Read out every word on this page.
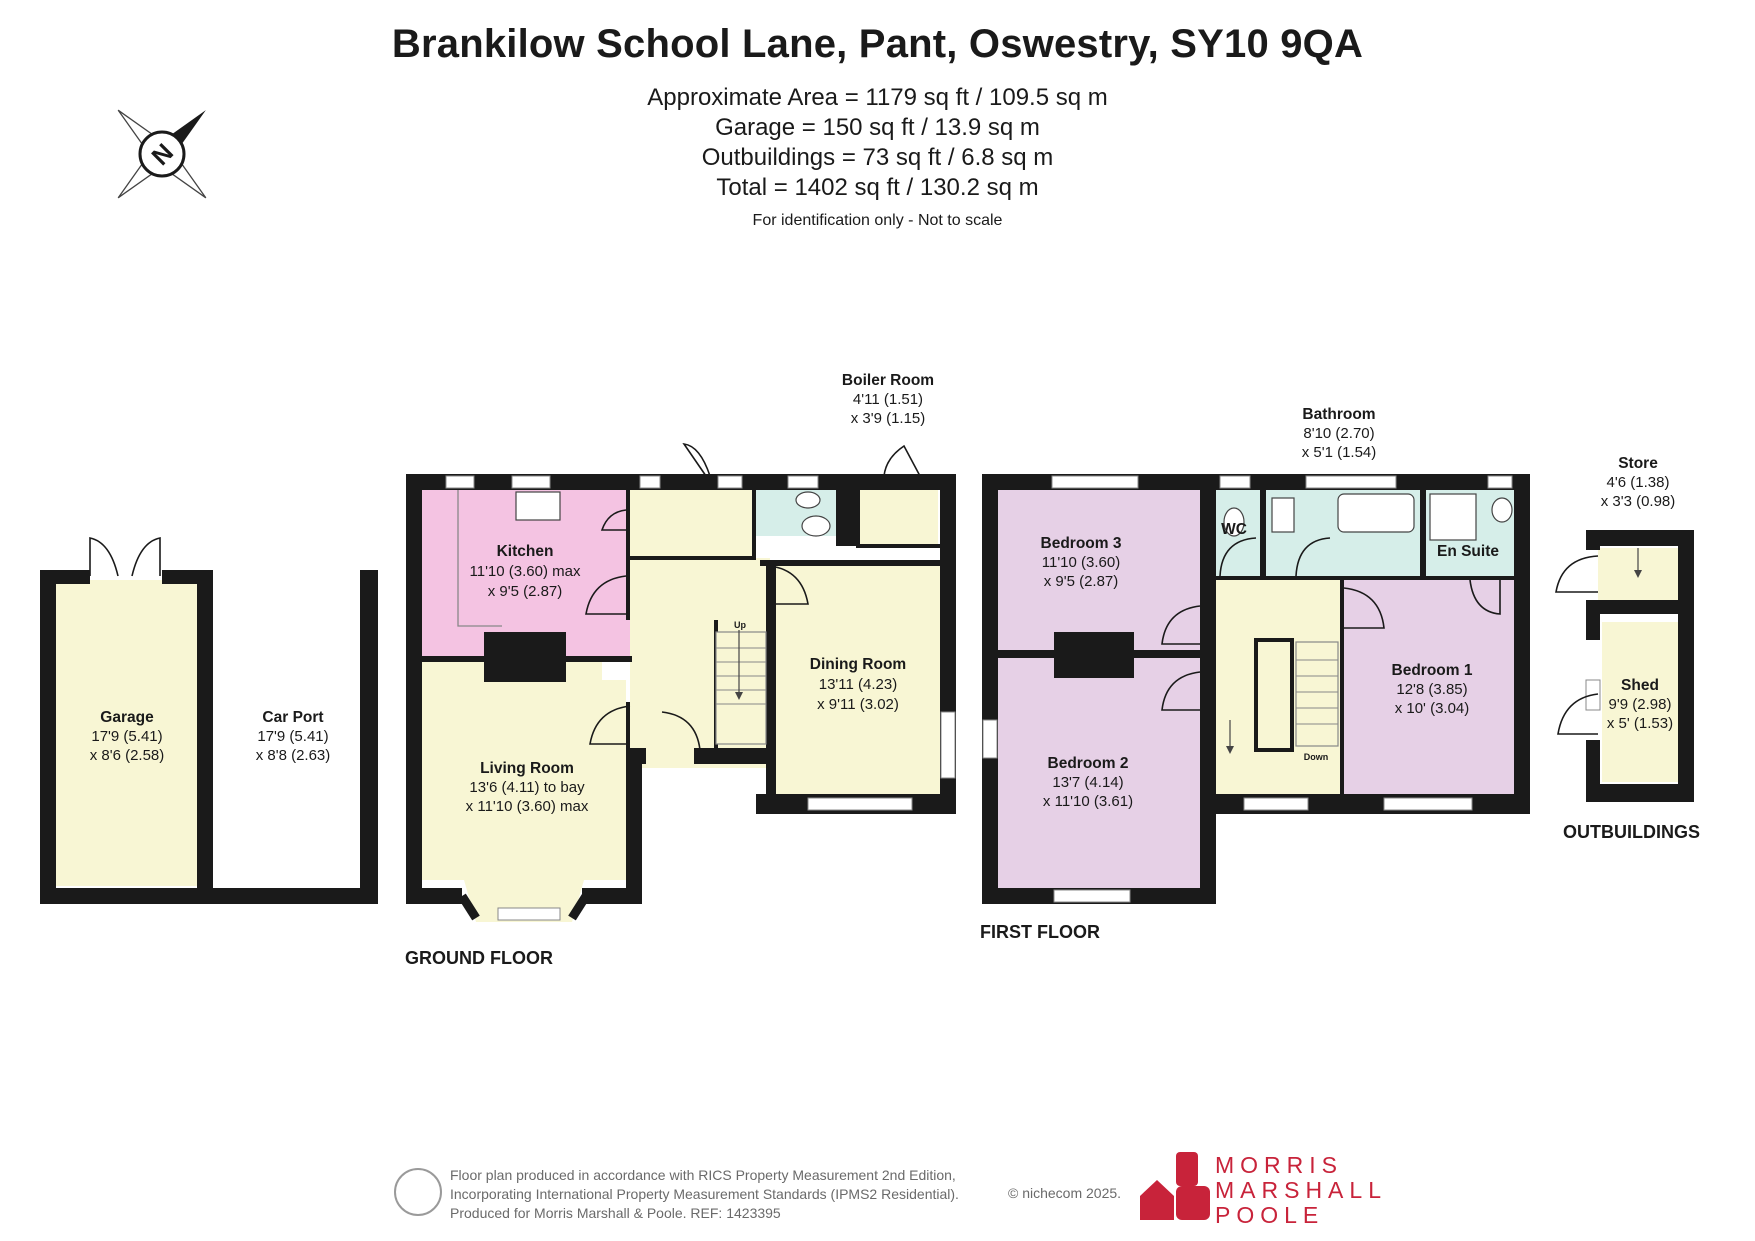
Brankilow School Lane, Pant, Oswestry, SY10 9QA
Approximate Area = 1179 sq ft / 109.5 sq m
Garage = 150 sq ft / 13.9 sq m
Outbuildings = 73 sq ft / 6.8 sq m
Total = 1402 sq ft / 130.2 sq m
For identification only - Not to scale
N
Up
Down
Garage
17'9 (5.41)
x 8'6 (2.58)
Car Port
17'9 (5.41)
x 8'8 (2.63)
Kitchen
11'10 (3.60) max
x 9'5 (2.87)
Living Room
13'6 (4.11) to bay
x 11'10 (3.60) max
Dining Room
13'11 (4.23)
x 9'11 (3.02)
Boiler Room
4'11 (1.51)
x 3'9 (1.15)
Bedroom 3
11'10 (3.60)
x 9'5 (2.87)
Bedroom 2
13'7 (4.14)
x 11'10 (3.61)
Bedroom 1
12'8 (3.85)
x 10' (3.04)
Bathroom
8'10 (2.70)
x 5'1 (1.54)
WC
En Suite
Store
4'6 (1.38)
x 3'3 (0.98)
Shed
9'9 (2.98)
x 5' (1.53)
GROUND FLOOR
FIRST FLOOR
OUTBUILDINGS
Floor plan produced in accordance with RICS Property Measurement 2nd Edition,
Incorporating International Property Measurement Standards (IPMS2 Residential).
Produced for Morris Marshall & Poole. REF: 1423395
© nichecom 2025.
MORRIS
MARSHALL
POOLE
